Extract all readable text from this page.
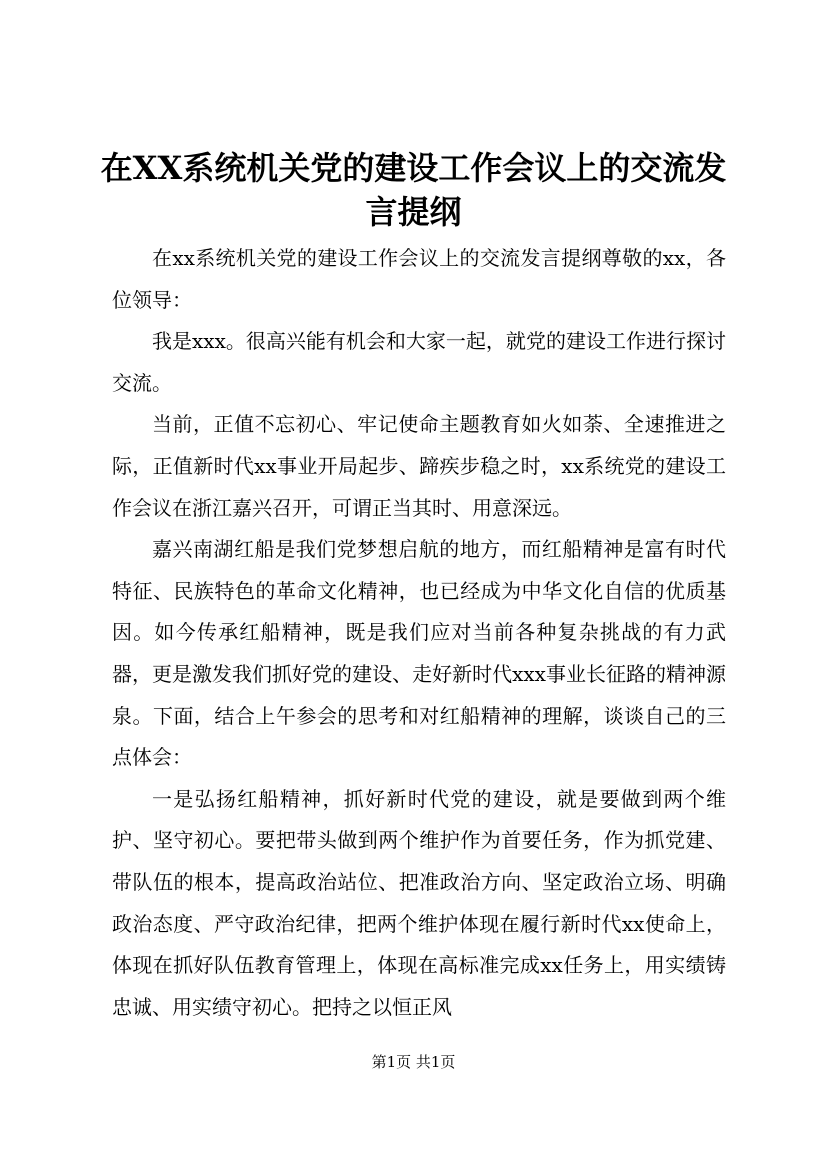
在XX系统机关党的建设工作会议上的交流发言提纲

在xx系统机关党的建设工作会议上的交流发言提纲尊敬的xx，各位领导：

我是xxx。很高兴能有机会和大家一起，就党的建设工作进行探讨交流。

当前，正值不忘初心、牢记使命主题教育如火如荼、全速推进之际，正值新时代xx事业开局起步、蹄疾步稳之时，xx系统党的建设工作会议在浙江嘉兴召开，可谓正当其时、用意深远。

嘉兴南湖红船是我们党梦想启航的地方，而红船精神是富有时代特征、民族特色的革命文化精神，也已经成为中华文化自信的优质基因。如今传承红船精神，既是我们应对当前各种复杂挑战的有力武器，更是激发我们抓好党的建设、走好新时代xxx事业长征路的精神源泉。下面，结合上午参会的思考和对红船精神的理解，谈谈自己的三点体会：

一是弘扬红船精神，抓好新时代党的建设，就是要做到两个维护、坚守初心。要把带头做到两个维护作为首要任务，作为抓党建、带队伍的根本，提高政治站位、把准政治方向、坚定政治立场、明确政治态度、严守政治纪律，把两个维护体现在履行新时代xx使命上，体现在抓好队伍教育管理上，体现在高标准完成xx任务上，用实绩铸忠诚、用实绩守初心。把持之以恒正风

第1页 共1页
